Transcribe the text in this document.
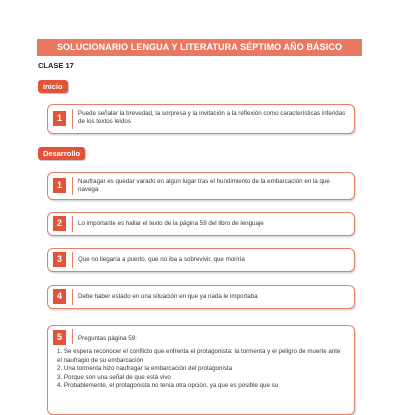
SOLUCIONARIO LENGUA Y LITERATURA SÉPTIMO AÑO BÁSICO
CLASE 17
Inicio
1	Puede señalar la brevedad, la sorpresa y la invitación a la reflexión como características inferidas de los textos leídos
Desarrollo
1	Naufragar es quedar varado en algún lugar tras el hundimiento de la embarcación en la que navega
2	Lo importante es hallar el texto de la página 59 del libro de lenguaje
3	Que no llegaría a puerto, que no iba a sobrevivir, que moriría
4	Debe haber estado en una situación en que ya nada le importaba
5	Preguntas página 59:
1. Se espera reconocer el conflicto que enfrenta el protagonista: la tormenta y el peligro de muerte ante el naufragio de su embarcación
2. Una tormenta hizo naufragar la embarcación del protagonista
3. Porque son una señal de que está vivo
4. Probablemente, el protagonista no tenía otra opción, ya que es posible que su
